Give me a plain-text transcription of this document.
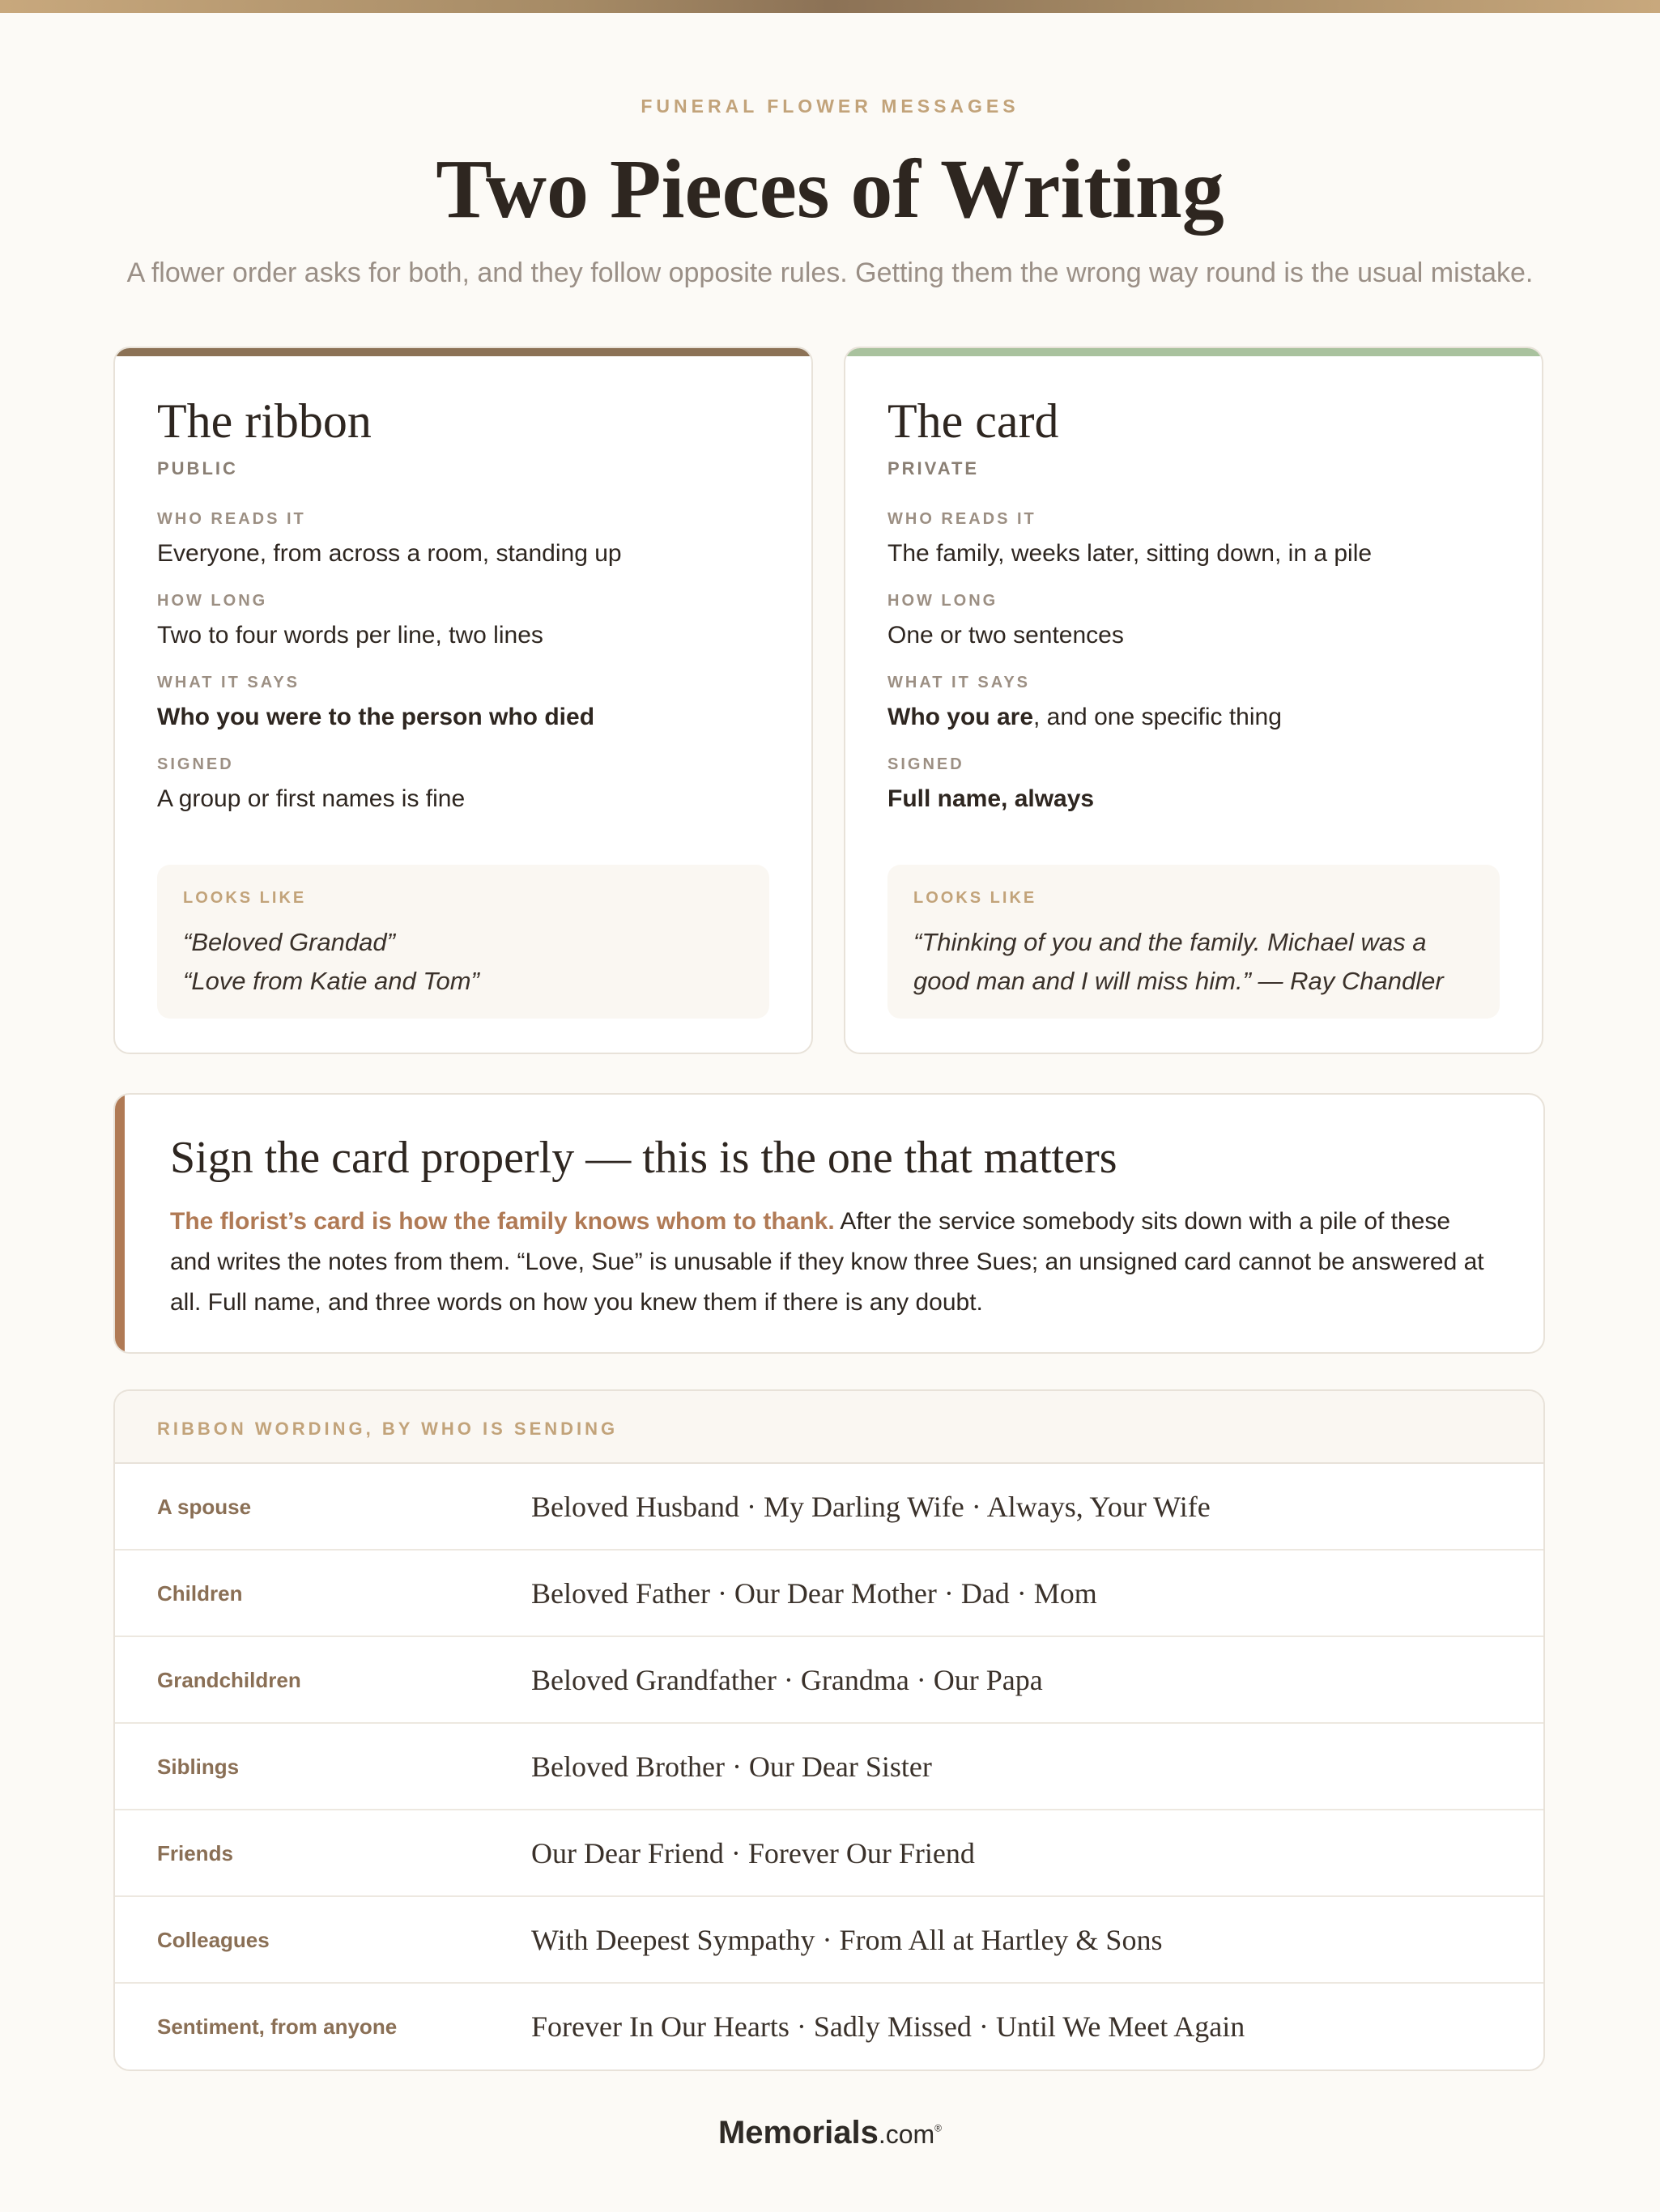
FUNERAL FLOWER MESSAGES
Two Pieces of Writing
A flower order asks for both, and they follow opposite rules. Getting them the wrong way round is the usual mistake.
The ribbon
PUBLIC
WHO READS IT
Everyone, from across a room, standing up
HOW LONG
Two to four words per line, two lines
WHAT IT SAYS
Who you were to the person who died
SIGNED
A group or first names is fine
LOOKS LIKE
“Beloved Grandad”
“Love from Katie and Tom”
The card
PRIVATE
WHO READS IT
The family, weeks later, sitting down, in a pile
HOW LONG
One or two sentences
WHAT IT SAYS
Who you are, and one specific thing
SIGNED
Full name, always
LOOKS LIKE
“Thinking of you and the family. Michael was a good man and I will miss him.” — Ray Chandler
Sign the card properly — this is the one that matters
The florist’s card is how the family knows whom to thank. After the service somebody sits down with a pile of these and writes the notes from them. “Love, Sue” is unusable if they know three Sues; an unsigned card cannot be answered at all. Full name, and three words on how you knew them if there is any doubt.
RIBBON WORDING, BY WHO IS SENDING
A spouse	Beloved Husband · My Darling Wife · Always, Your Wife
Children	Beloved Father · Our Dear Mother · Dad · Mom
Grandchildren	Beloved Grandfather · Grandma · Our Papa
Siblings	Beloved Brother · Our Dear Sister
Friends	Our Dear Friend · Forever Our Friend
Colleagues	With Deepest Sympathy · From All at Hartley & Sons
Sentiment, from anyone	Forever In Our Hearts · Sadly Missed · Until We Meet Again
Memorials.com®
